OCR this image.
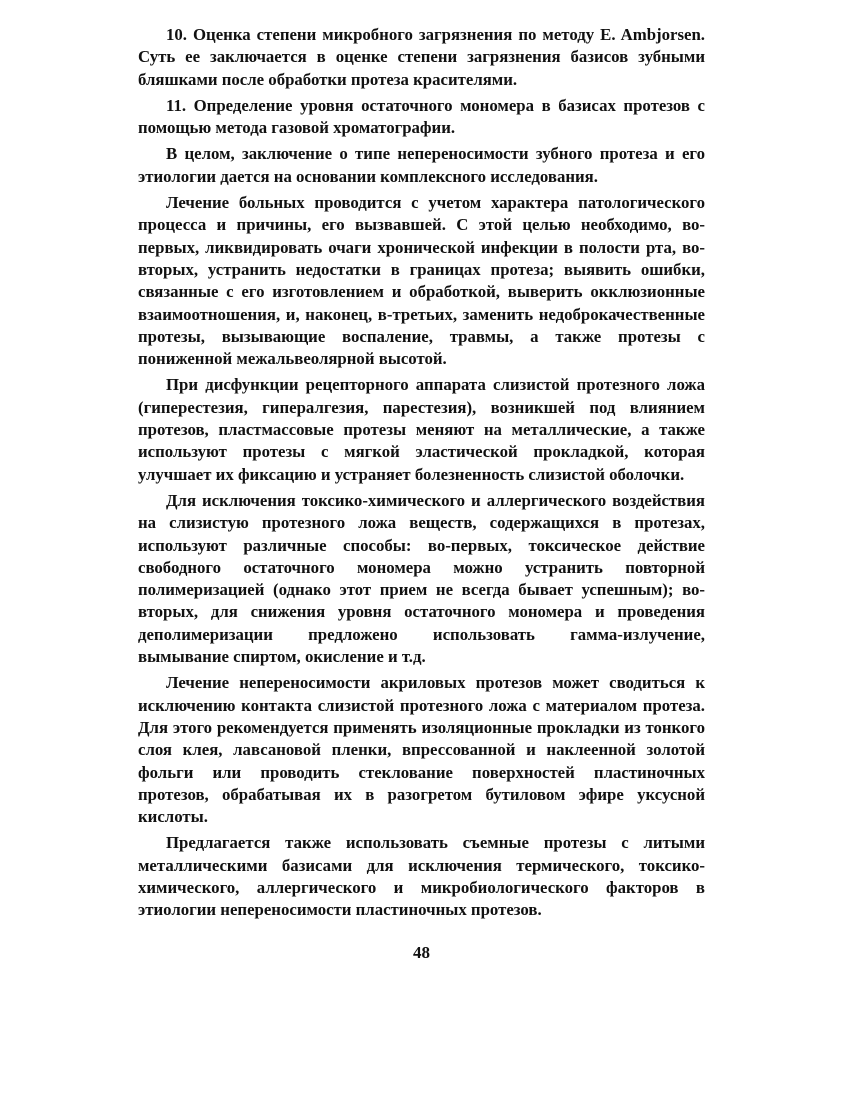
10. Оценка степени микробного загрязнения по методу E. Ambjorsen. Суть ее заключается в оценке степени загрязнения базисов зубными бляшками после обработки протеза красителями.

11. Определение уровня остаточного мономера в базисах протезов с помощью метода газовой хроматографии.

В целом, заключение о типе непереносимости зубного протеза и его этиологии дается на основании комплексного исследования.

Лечение больных проводится с учетом характера патологического процесса и причины, его вызвавшей. С этой целью необходимо, во-первых, ликвидировать очаги хронической инфекции в полости рта, во-вторых, устранить недостатки в границах протеза; выявить ошибки, связанные с его изготовлением и обработкой, выверить окклюзионные взаимоотношения, и, наконец, в-третьих, заменить недоброкачественные протезы, вызывающие воспаление, травмы, а также протезы с пониженной межальвеолярной высотой.

При дисфункции рецепторного аппарата слизистой протезного ложа (гиперестезия, гипералгезия, парестезия), возникшей под влиянием протезов, пластмассовые протезы меняют на металлические, а также используют протезы с мягкой эластической прокладкой, которая улучшает их фиксацию и устраняет болезненность слизистой оболочки.

Для исключения токсико-химического и аллергического воздействия на слизистую протезного ложа веществ, содержащихся в протезах, используют различные способы: во-первых, токсическое действие свободного остаточного мономера можно устранить повторной полимеризацией (однако этот прием не всегда бывает успешным); во-вторых, для снижения уровня остаточного мономера и проведения деполимеризации предложено использовать гамма-излучение, вымывание спиртом, окисление и т.д.

Лечение непереносимости акриловых протезов может сводиться к исключению контакта слизистой протезного ложа с материалом протеза. Для этого рекомендуется применять изоляционные прокладки из тонкого слоя клея, лавсановой пленки, впрессованной и наклеенной золотой фольги или проводить стеклование поверхностей пластиночных протезов, обрабатывая их в разогретом бутиловом эфире уксусной кислоты.

Предлагается также использовать съемные протезы с литыми металлическими базисами для исключения термического, токсико-химического, аллергического и микробиологического факторов в этиологии непереносимости пластиночных протезов.

48
